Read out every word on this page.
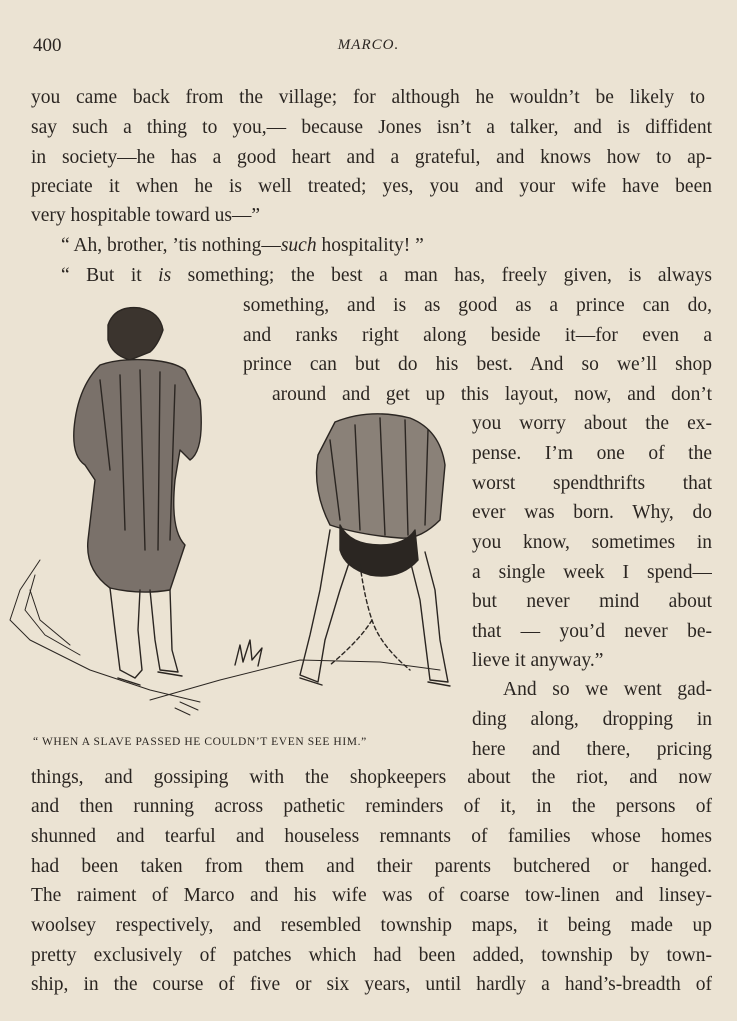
400	MARCO.
you came back from the village; for although he wouldn’t be likely to
say such a thing to you,— because Jones isn’t a talker, and is diffident
in society—he has a good heart and a grateful, and knows how to ap-
preciate it when he is well treated; yes, you and your wife have been
very hospitable toward us—”
“ Ah, brother, ’tis nothing—such hospitality! ”
“ But it is something; the best a man has, freely given, is always
something, and is as good as a prince can do,
and ranks right along beside it—for even a
prince can but do his best. And so we’ll shop
around and get up this layout, now, and don’t
you worry about the ex-
pense. I’m one of the
worst spendthrifts that
ever was born. Why, do
you know, sometimes in
a single week I spend—
but never mind about
that — you’d never be-
lieve it anyway.”
And so we went gad-
ding along, dropping in
here and there, pricing
things, and gossiping with the shopkeepers about the riot, and now
and then running across pathetic reminders of it, in the persons of
shunned and tearful and houseless remnants of families whose homes
had been taken from them and their parents butchered or hanged.
The raiment of Marco and his wife was of coarse tow-linen and linsey-
woolsey respectively, and resembled township maps, it being made up
pretty exclusively of patches which had been added, township by town-
ship, in the course of five or six years, until hardly a hand’s-breadth of
“ WHEN A SLAVE PASSED HE COULDN’T EVEN SEE HIM.”
